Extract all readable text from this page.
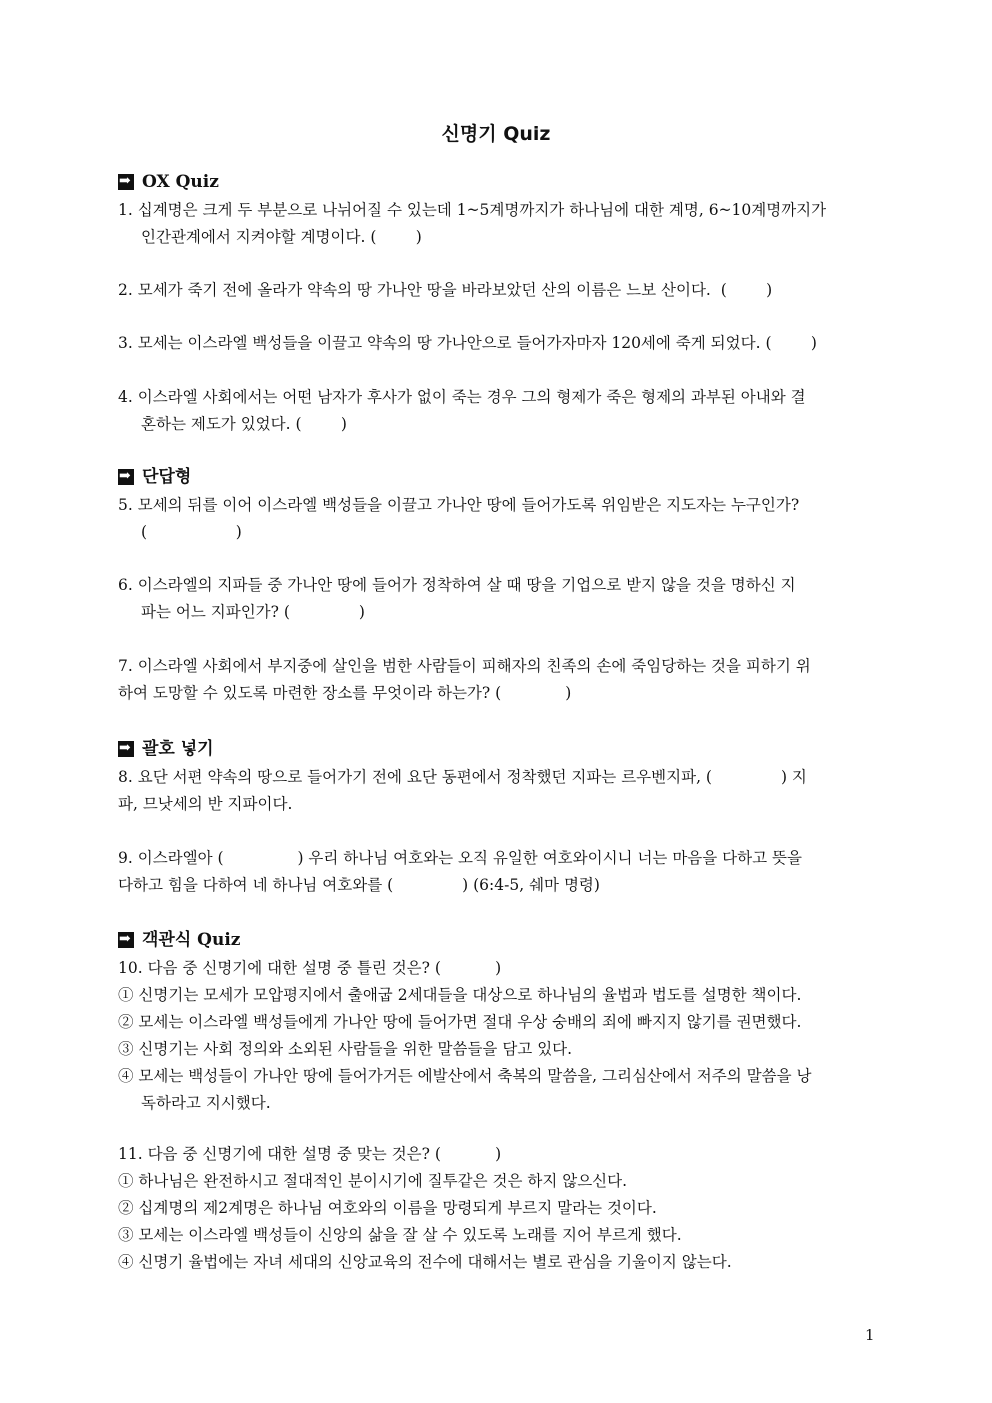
신명기 Quiz
➡
OX Quiz
1. 십계명은 크게 두 부분으로 나뉘어질 수 있는데 1~5계명까지가 하나님에 대한 계명, 6~10계명까지가
인간관계에서 지켜야할 계명이다. (        )
2. 모세가 죽기 전에 올라가 약속의 땅 가나안 땅을 바라보았던 산의 이름은 느보 산이다.  (        )
3. 모세는 이스라엘 백성들을 이끌고 약속의 땅 가나안으로 들어가자마자 120세에 죽게 되었다. (        )
4. 이스라엘 사회에서는 어떤 남자가 후사가 없이 죽는 경우 그의 형제가 죽은 형제의 과부된 아내와 결
혼하는 제도가 있었다. (        )
➡
단답형
5. 모세의 뒤를 이어 이스라엘 백성들을 이끌고 가나안 땅에 들어가도록 위임받은 지도자는 누구인가?
(                  )
6. 이스라엘의 지파들 중 가나안 땅에 들어가 정착하여 살 때 땅을 기업으로 받지 않을 것을 명하신 지
파는 어느 지파인가? (              )
7. 이스라엘 사회에서 부지중에 살인을 범한 사람들이 피해자의 친족의 손에 죽임당하는 것을 피하기 위
하여 도망할 수 있도록 마련한 장소를 무엇이라 하는가? (             )
➡
괄호 넣기
8. 요단 서편 약속의 땅으로 들어가기 전에 요단 동편에서 정착했던 지파는 르우벤지파, (              ) 지
파, 므낫세의 반 지파이다.
9. 이스라엘아 (               ) 우리 하나님 여호와는 오직 유일한 여호와이시니 너는 마음을 다하고 뜻을
다하고 힘을 다하여 네 하나님 여호와를 (              ) (6:4-5, 쉐마 명령)
➡
객관식 Quiz
10. 다음 중 신명기에 대한 설명 중 틀린 것은? (           )
① 신명기는 모세가 모압평지에서 출애굽 2세대들을 대상으로 하나님의 율법과 법도를 설명한 책이다.
② 모세는 이스라엘 백성들에게 가나안 땅에 들어가면 절대 우상 숭배의 죄에 빠지지 않기를 권면했다.
③ 신명기는 사회 정의와 소외된 사람들을 위한 말씀들을 담고 있다.
④ 모세는 백성들이 가나안 땅에 들어가거든 에발산에서 축복의 말씀을, 그리심산에서 저주의 말씀을 낭
독하라고 지시했다.
11. 다음 중 신명기에 대한 설명 중 맞는 것은? (           )
① 하나님은 완전하시고 절대적인 분이시기에 질투같은 것은 하지 않으신다.
② 십계명의 제2계명은 하나님 여호와의 이름을 망령되게 부르지 말라는 것이다.
③ 모세는 이스라엘 백성들이 신앙의 삶을 잘 살 수 있도록 노래를 지어 부르게 했다.
④ 신명기 율법에는 자녀 세대의 신앙교육의 전수에 대해서는 별로 관심을 기울이지 않는다.
1
